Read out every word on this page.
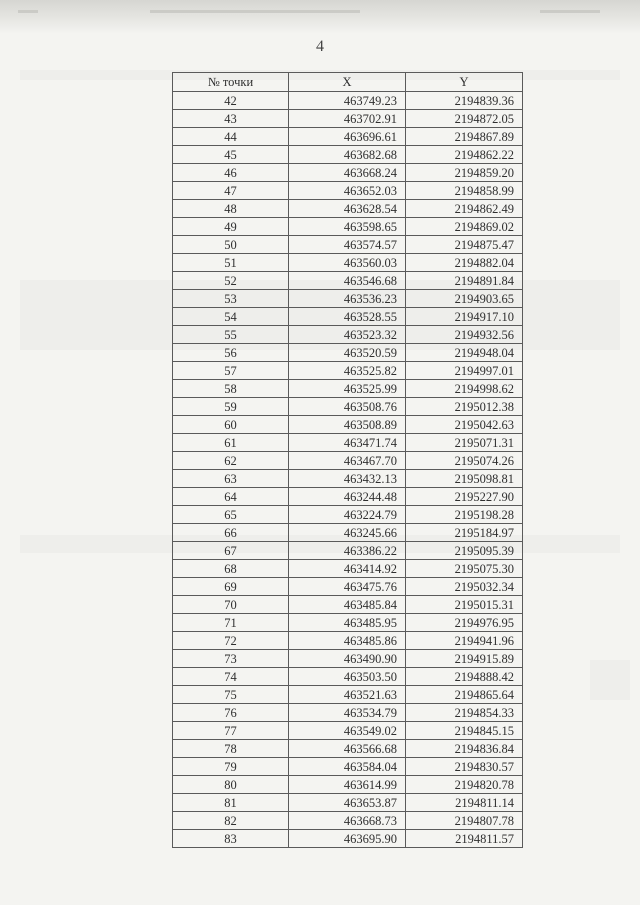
4
№ точки	X	Y
42	463749.23	2194839.36
43	463702.91	2194872.05
44	463696.61	2194867.89
45	463682.68	2194862.22
46	463668.24	2194859.20
47	463652.03	2194858.99
48	463628.54	2194862.49
49	463598.65	2194869.02
50	463574.57	2194875.47
51	463560.03	2194882.04
52	463546.68	2194891.84
53	463536.23	2194903.65
54	463528.55	2194917.10
55	463523.32	2194932.56
56	463520.59	2194948.04
57	463525.82	2194997.01
58	463525.99	2194998.62
59	463508.76	2195012.38
60	463508.89	2195042.63
61	463471.74	2195071.31
62	463467.70	2195074.26
63	463432.13	2195098.81
64	463244.48	2195227.90
65	463224.79	2195198.28
66	463245.66	2195184.97
67	463386.22	2195095.39
68	463414.92	2195075.30
69	463475.76	2195032.34
70	463485.84	2195015.31
71	463485.95	2194976.95
72	463485.86	2194941.96
73	463490.90	2194915.89
74	463503.50	2194888.42
75	463521.63	2194865.64
76	463534.79	2194854.33
77	463549.02	2194845.15
78	463566.68	2194836.84
79	463584.04	2194830.57
80	463614.99	2194820.78
81	463653.87	2194811.14
82	463668.73	2194807.78
83	463695.90	2194811.57
